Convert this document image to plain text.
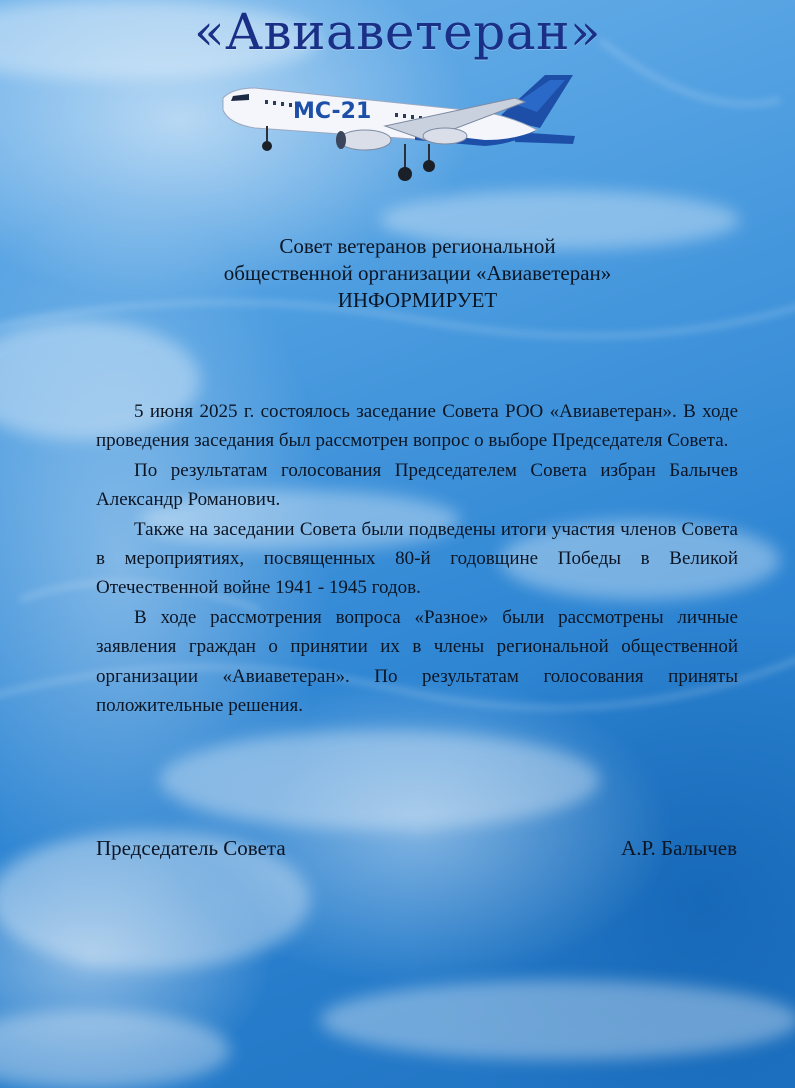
«Авиаветеран»
MC-21
Совет ветеранов региональной
общественной организации «Авиаветеран»
ИНФОРМИРУЕТ

5 июня 2025 г. состоялось заседание Совета РОО «Авиаветеран». В ходе проведения заседания был рассмотрен вопрос о выборе Председателя Совета.

По результатам голосования Председателем Совета избран Балычев Александр Романович.

Также на заседании Совета были подведены итоги участия членов Совета в мероприятиях, посвященных 80-й годовщине Победы в Великой Отечественной войне 1941 - 1945 годов.

В ходе рассмотрения вопроса «Разное» были рассмотрены личные заявления граждан о принятии их в члены региональной общественной организации «Авиаветеран». По результатам голосования приняты положительные решения.

Председатель Совета	А.Р. Балычев
